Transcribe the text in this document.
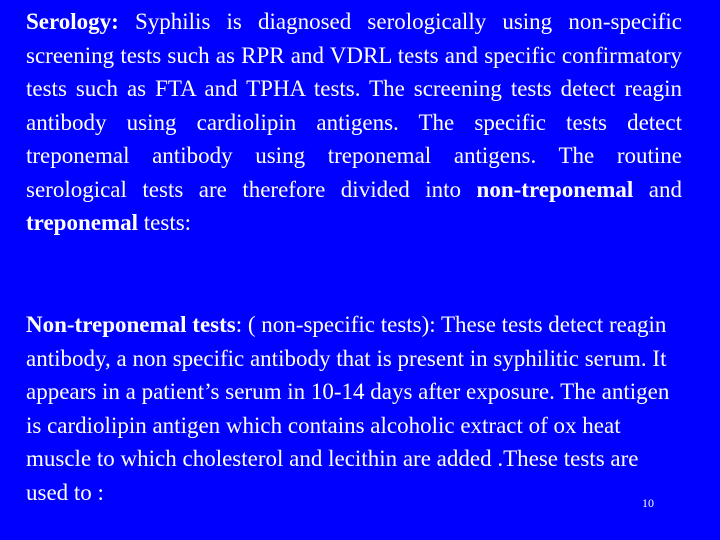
Serology: Syphilis is diagnosed serologically using non-specific screening tests such as RPR and VDRL tests and specific confirmatory tests such as FTA and TPHA tests. The screening tests detect reagin antibody using cardiolipin antigens. The specific tests detect treponemal antibody using treponemal antigens. The routine serological tests are therefore divided into non-treponemal and treponemal tests:

Non-treponemal tests: ( non-specific tests): These tests detect reagin antibody, a non specific antibody that is present in syphilitic serum. It appears in a patient’s serum in 10-14 days after exposure. The antigen is cardiolipin antigen which contains alcoholic extract of ox heat muscle to which cholesterol and lecithin are added .These tests are used to :	10
